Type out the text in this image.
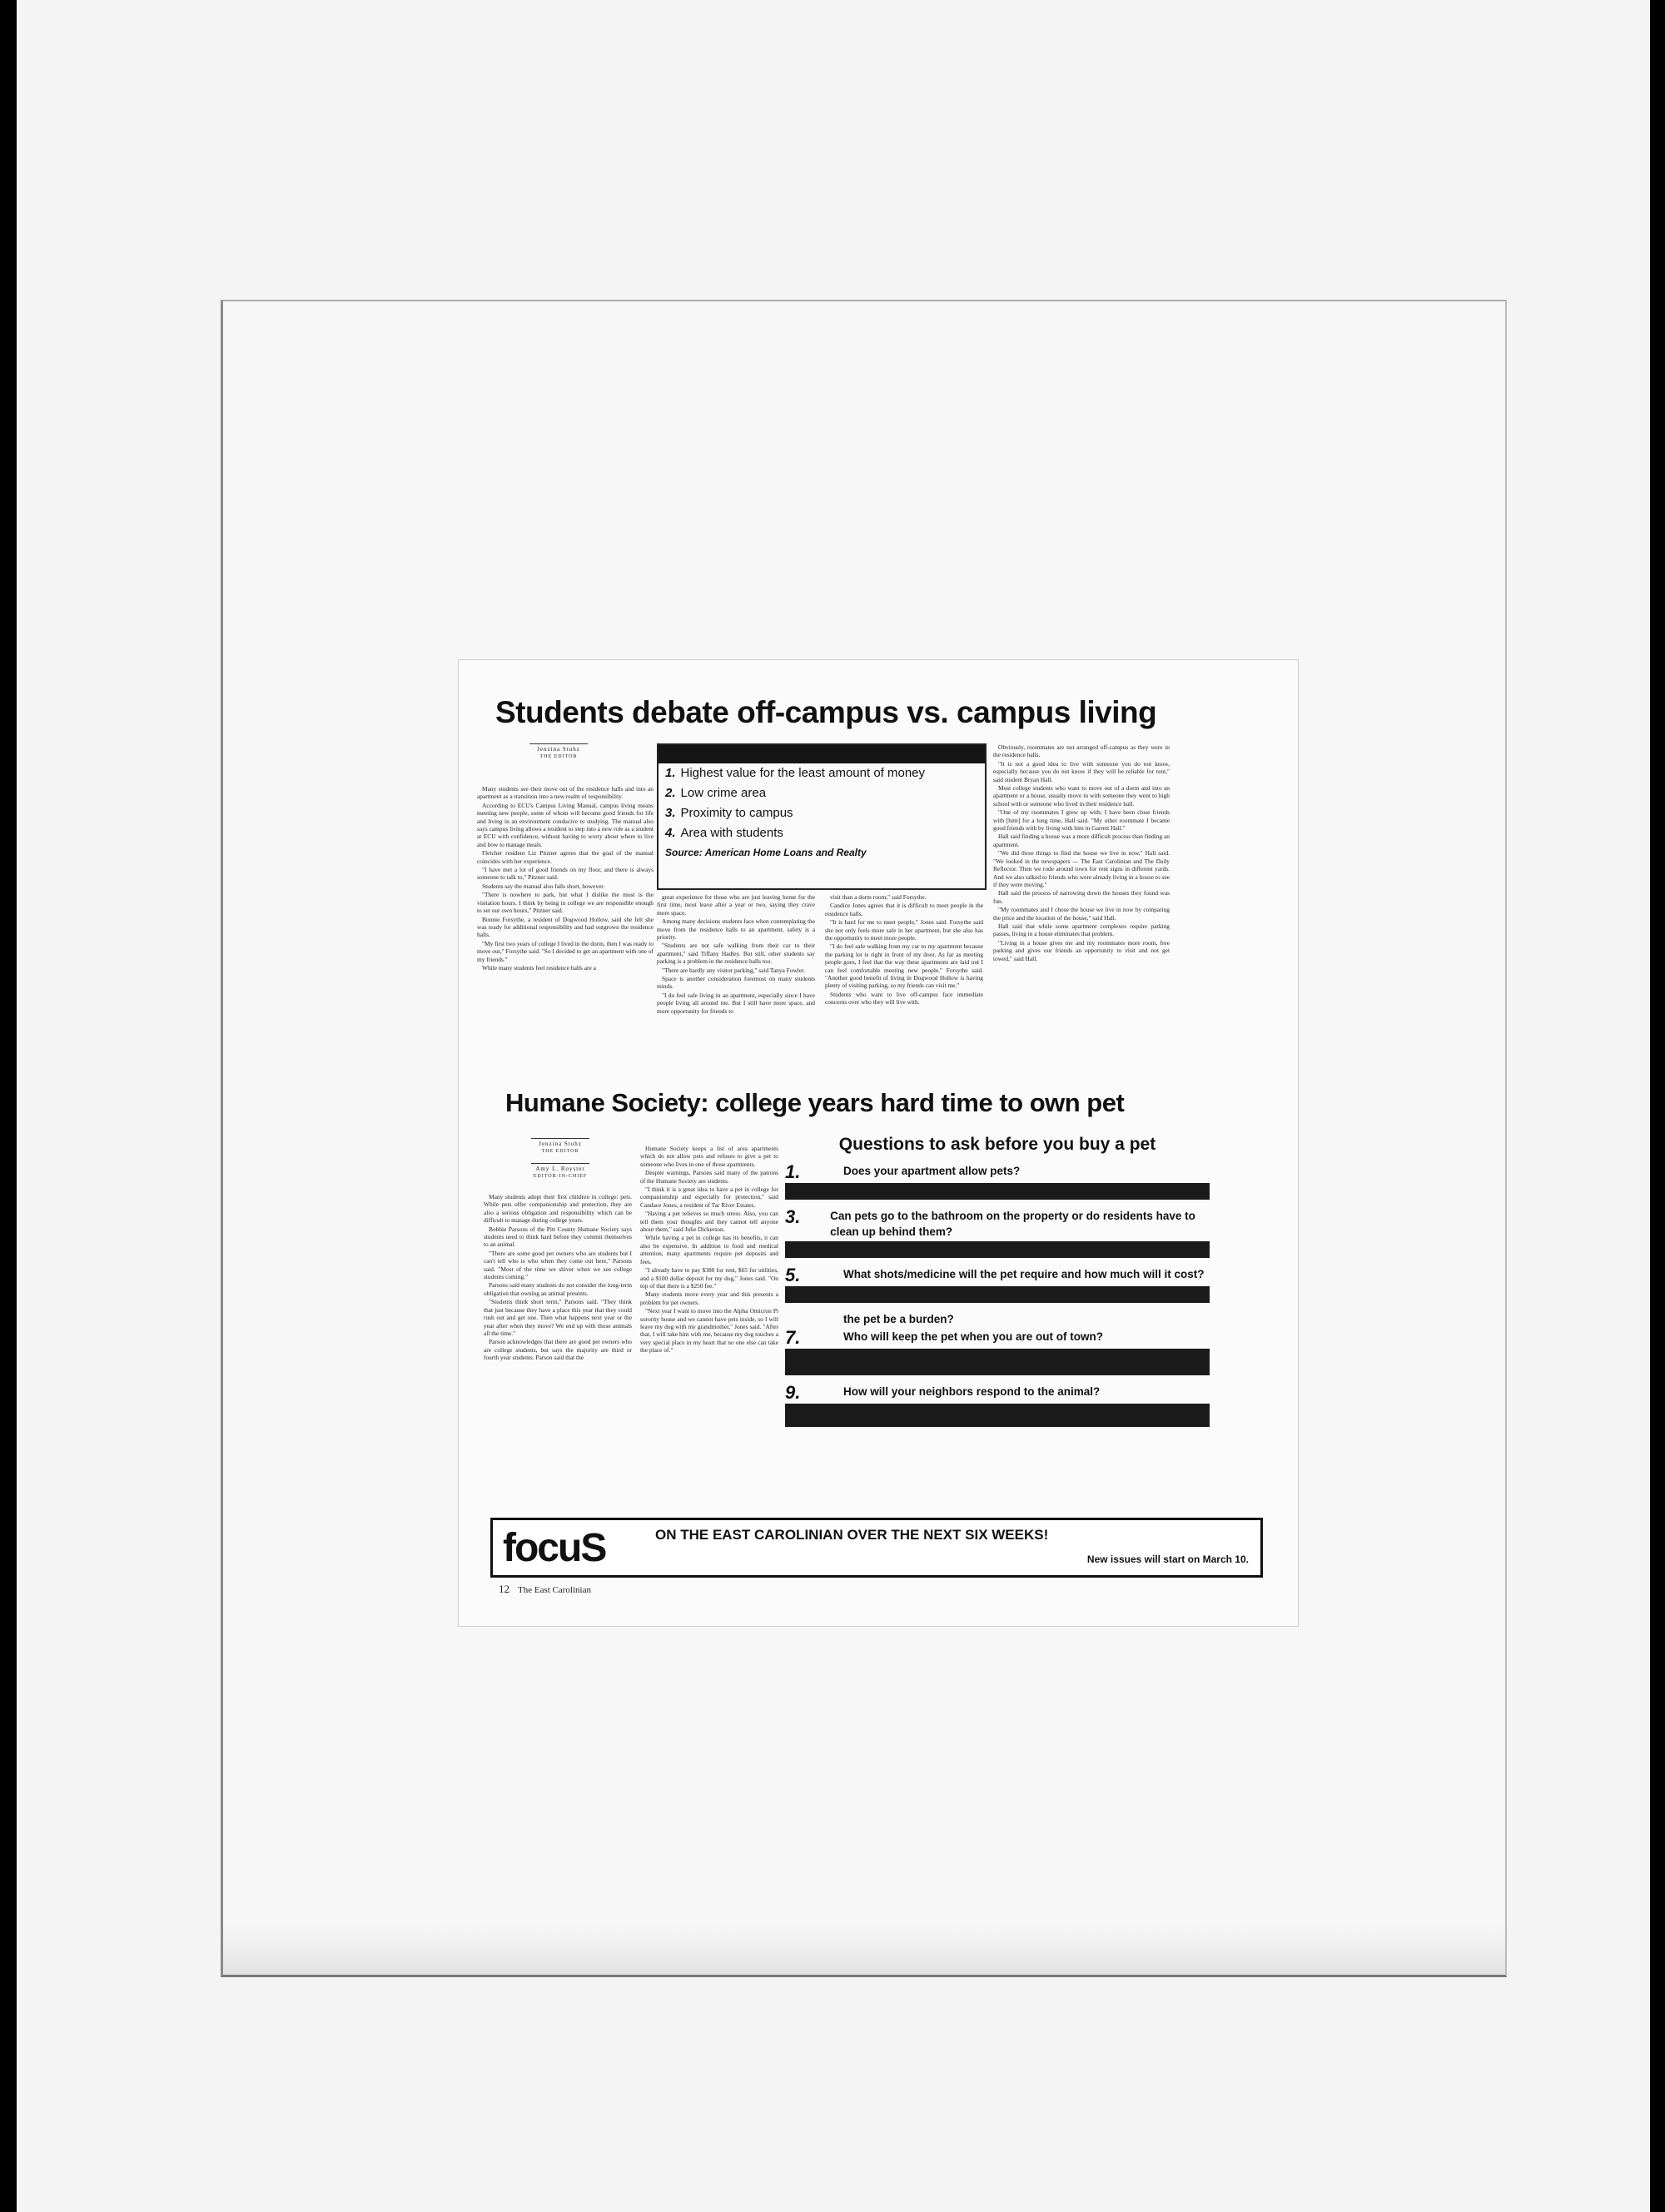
Students debate off-campus vs. campus living
Jenzina Stuhz
THE EDITOR

Many students see their move out of the residence halls and into an apartment as a transition into a new realm of responsibility.

According to ECU's Campus Living Manual, campus living means meeting new people, some of whom will become good friends for life and living in an environment conducive to studying. The manual also says campus living allows a resident to step into a new role as a student at ECU with confidence, without having to worry about where to live and how to manage meals.

Fletcher resident Liz Pitzner agrees that the goal of the manual coincides with her experience.

"I have met a lot of good friends on my floor, and there is always someone to talk to," Pitzner said.

Students say the manual also falls short, however.

"There is nowhere to park, but what I dislike the most is the visitation hours. I think by being in college we are responsible enough to set our own hours," Pitzner said.

Bonnie Forsythe, a resident of Dogwood Hollow, said she felt she was ready for additional responsibility and had outgrown the residence halls.

"My first two years of college I lived in the dorm, then I was ready to move out," Forsythe said. "So I decided to get an apartment with one of my friends."

While many students feel residence halls are a

1. Highest value for the least amount of money
2. Low crime area
3. Proximity to campus
4. Area with students
Source: American Home Loans and Realty

great experience for those who are just leaving home for the first time, most leave after a year or two, saying they crave more space.

Among many decisions students face when contemplating the move from the residence halls to an apartment, safety is a priority.

"Students are not safe walking from their car to their apartment," said Tiffany Hadley. But still, other students say parking is a problem in the residence halls too.

"There are hardly any visitor parking," said Tanya Fowler.

Space is another consideration foremost on many students minds.

"I do feel safe living in an apartment, especially since I have people living all around me. But I still have more space, and more opportunity for friends to

visit than a dorm room," said Forsythe.

Candice Jones agrees that it is difficult to meet people in the residence halls.

"It is hard for me to meet people," Jones said. Forsythe said she not only feels more safe in her apartment, but she also has the opportunity to meet more people.

"I do feel safe walking from my car to my apartment because the parking lot is right in front of my door. As far as meeting people goes, I feel that the way these apartments are laid out I can feel comfortable meeting new people," Forsythe said. "Another good benefit of living in Dogwood Hollow is having plenty of visiting parking, so my friends can visit me."

Students who want to live off-campus face immediate concerns over who they will live with.

Obviously, roommates are not arranged off-campus as they were in the residence halls.

"It is not a good idea to live with someone you do not know, especially because you do not know if they will be reliable for rent," said student Bryan Hall.

Most college students who want to move out of a dorm and into an apartment or a house, usually move in with someone they went to high school with or someone who lived in their residence hall.

"One of my roommates I grew up with; I have been close friends with [him] for a long time, Hall said. "My other roommate I became good friends with by living with him in Garrett Hall."

Hall said finding a house was a more difficult process than finding an apartment.

"We did three things to find the house we live in now," Hall said. "We looked in the newspapers — The East Carolinian and The Daily Reflector. Then we rode around town for rent signs in different yards. And we also talked to friends who were already living in a house to see if they were moving."

Hall said the process of narrowing down the houses they found was fun.

"My roommates and I chose the house we live in now by comparing the price and the location of the house," said Hall.

Hall said that while some apartment complexes require parking passes, living in a house eliminates that problem.

"Living in a house gives me and my roommates more room, free parking and gives our friends an opportunity to visit and not get towed," said Hall.

Humane Society: college years hard time to own pet
Jenzina Stuhz
THE EDITOR
Amy L. Royster
EDITOR-IN-CHIEF

Many students adopt their first children in college: pets. While pets offer companionship and protection, they are also a serious obligation and responsibility which can be difficult to manage during college years.

Bobbie Parsons of the Pitt County Humane Society says students need to think hard before they commit themselves to an animal.

"There are some good pet owners who are students but I can't tell who is who when they come out here," Parsons said. "Most of the time we shiver when we see college students coming."

Parsons said many students do not consider the long-term obligation that owning an animal presents.

"Students think short term," Parsons said. "They think that just because they have a place this year that they could rush out and get one. Then what happens next year or the year after when they move? We end up with those animals all the time."

Parson acknowledges that there are good pet owners who are college students, but says the majority are third or fourth year students. Parson said that the

Humane Society keeps a list of area apartments which do not allow pets and refuses to give a pet to someone who lives in one of those apartments.

Despite warnings, Parsons said many of the patrons of the Humane Society are students.

"I think it is a great idea to have a pet in college for companionship and especially for protection," said Candace Jones, a resident of Tar River Estates.

"Having a pet relieves so much stress. Also, you can tell them your thoughts and they cannot tell anyone about them," said Julie Dickerson.

While having a pet in college has its benefits, it can also be expensive. In addition to food and medical attention, many apartments require pet deposits and fees.

"I already have to pay $380 for rent, $65 for utilities, and a $100 dollar deposit for my dog," Jones said. "On top of that there is a $250 fee."

Many students move every year and this presents a problem for pet owners.

"Next year I want to move into the Alpha Omicron Pi sorority house and we cannot have pets inside, so I will leave my dog with my grandmother," Jones said. "After that, I will take him with me, because my dog touches a very special place in my heart that no one else can take the place of."

Questions to ask before you buy a pet
1.	Does your apartment allow pets?
3.	Can pets go to the bathroom on the property or do residents have to clean up behind them?
5.	What shots/medicine will the pet require and how much will it cost?
the pet be a burden?
7.	Who will keep the pet when you are out of town?
9.	How will your neighbors respond to the animal?
focuS	ON THE EAST CAROLINIAN OVER THE NEXT SIX WEEKS!
New issues will start on March 10.
12 The East Carolinian
